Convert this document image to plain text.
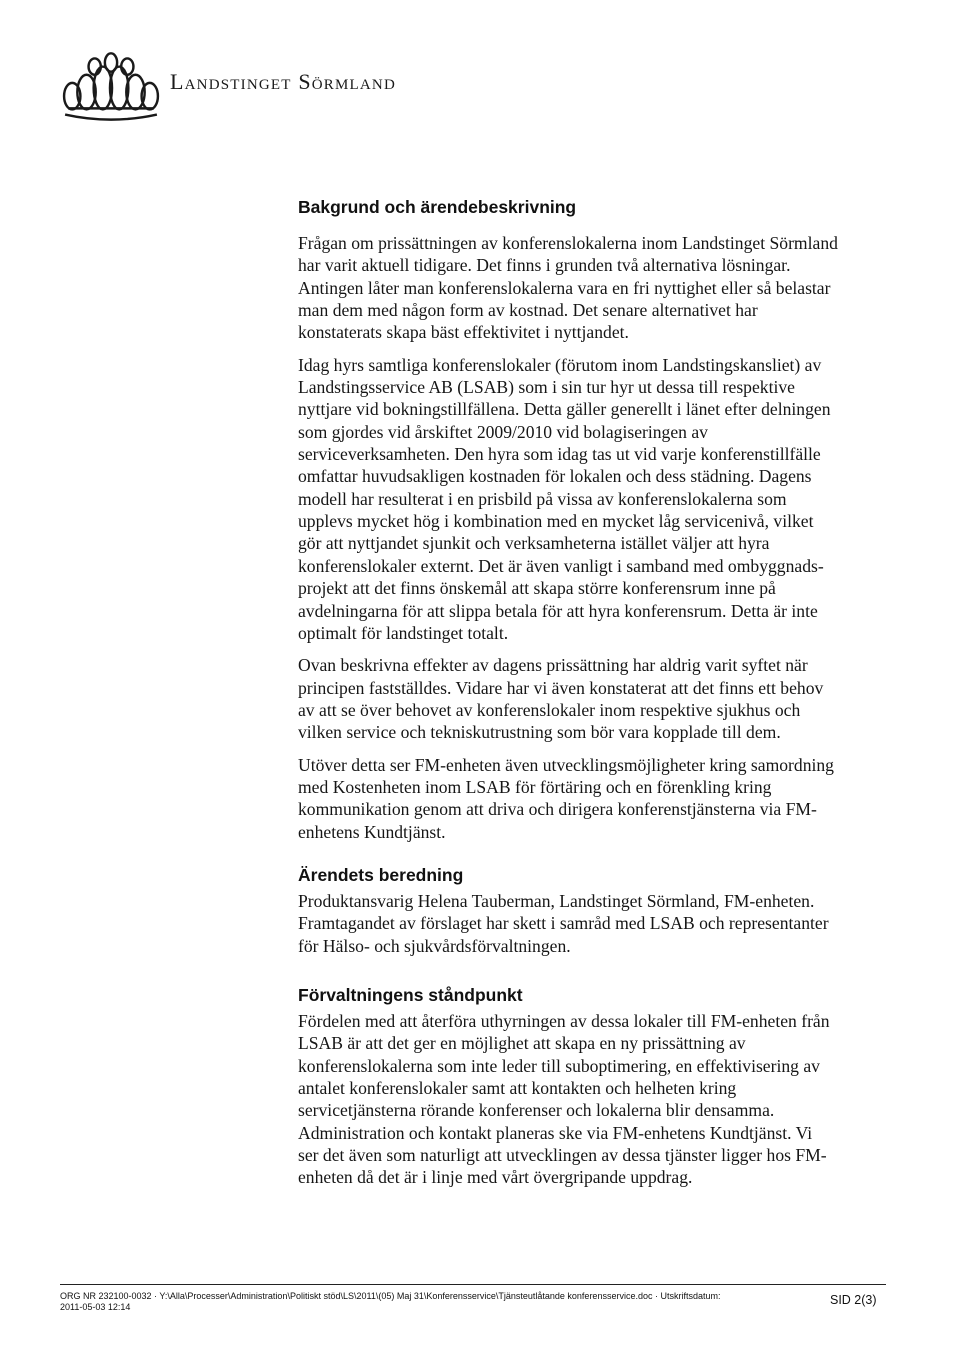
Landstinget Sörmland
Bakgrund och ärendebeskrivning

Frågan om prissättningen av konferenslokalerna inom Landstinget Sörmland
har varit aktuell tidigare. Det finns i grunden två alternativa lösningar.
Antingen låter man konferenslokalerna vara en fri nyttighet eller så belastar
man dem med någon form av kostnad. Det senare alternativet har
konstaterats skapa bäst effektivitet i nyttjandet.

Idag hyrs samtliga konferenslokaler (förutom inom Landstingskansliet) av
Landstingsservice AB (LSAB) som i sin tur hyr ut dessa till respektive
nyttjare vid bokningstillfällena. Detta gäller generellt i länet efter delningen
som gjordes vid årskiftet 2009/2010 vid bolagiseringen av
serviceverksamheten. Den hyra som idag tas ut vid varje konferenstillfälle
omfattar huvudsakligen kostnaden för lokalen och dess städning. Dagens
modell har resulterat i en prisbild på vissa av konferenslokalerna som
upplevs mycket hög i kombination med en mycket låg servicenivå, vilket
gör att nyttjandet sjunkit och verksamheterna istället väljer att hyra
konferenslokaler externt. Det är även vanligt i samband med ombyggnads-
projekt att det finns önskemål att skapa större konferensrum inne på
avdelningarna för att slippa betala för att hyra konferensrum. Detta är inte
optimalt för landstinget totalt.

Ovan beskrivna effekter av dagens prissättning har aldrig varit syftet när
principen fastställdes. Vidare har vi även konstaterat att det finns ett behov
av att se över behovet av konferenslokaler inom respektive sjukhus och
vilken service och tekniskutrustning som bör vara kopplade till dem.

Utöver detta ser FM-enheten även utvecklingsmöjligheter kring samordning
med Kostenheten inom LSAB för förtäring och en förenkling kring
kommunikation genom att driva och dirigera konferenstjänsterna via FM-
enhetens Kundtjänst.

Ärendets beredning

Produktansvarig Helena Tauberman, Landstinget Sörmland, FM-enheten.
Framtagandet av förslaget har skett i samråd med LSAB och representanter
för Hälso- och sjukvårdsförvaltningen.

Förvaltningens ståndpunkt

Fördelen med att återföra uthyrningen av dessa lokaler till FM-enheten från
LSAB är att det ger en möjlighet att skapa en ny prissättning av
konferenslokalerna som inte leder till suboptimering, en effektivisering av
antalet konferenslokaler samt att kontakten och helheten kring
servicetjänsterna rörande konferenser och lokalerna blir densamma.
Administration och kontakt planeras ske via FM-enhetens Kundtjänst. Vi
ser det även som naturligt att utvecklingen av dessa tjänster ligger hos FM-
enheten då det är i linje med vårt övergripande uppdrag.

ORG NR 232100-0032 · Y:\Alla\Processer\Administration\Politiskt stöd\LS\2011\(05) Maj 31\Konferensservice\Tjänsteutlåtande konferensservice.doc · Utskriftsdatum:
2011-05-03 12:14	SID 2(3)
